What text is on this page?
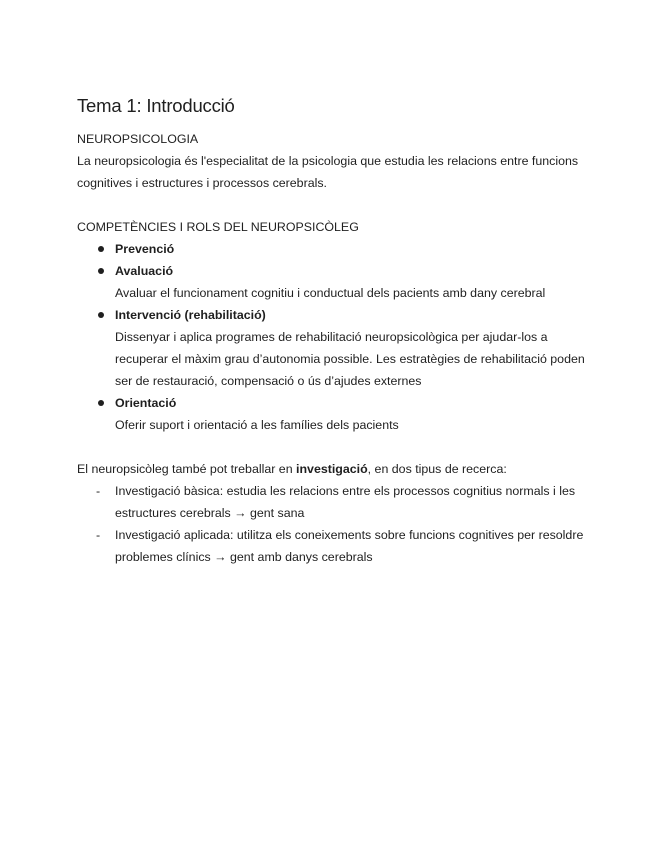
Tema 1: Introducció

NEUROPSICOLOGIA

La neuropsicologia és l'especialitat de la psicologia que estudia les relacions entre funcions cognitives i estructures i processos cerebrals.

COMPETÈNCIES I ROLS DEL NEUROPSICÒLEG

Prevenció
Avaluació
Avaluar el funcionament cognitiu i conductual dels pacients amb dany cerebral
Intervenció (rehabilitació)
Dissenyar i aplica programes de rehabilitació neuropsicològica per ajudar-los a recuperar el màxim grau d’autonomia possible. Les estratègies de rehabilitació poden ser de restauració, compensació o ús d’ajudes externes
Orientació
Oferir suport i orientació a les famílies dels pacients

El neuropsicòleg també pot treballar en investigació, en dos tipus de recerca:

- Investigació bàsica: estudia les relacions entre els processos cognitius normals i les estructures cerebrals → gent sana
- Investigació aplicada: utilitza els coneixements sobre funcions cognitives per resoldre problemes clínics → gent amb danys cerebrals
